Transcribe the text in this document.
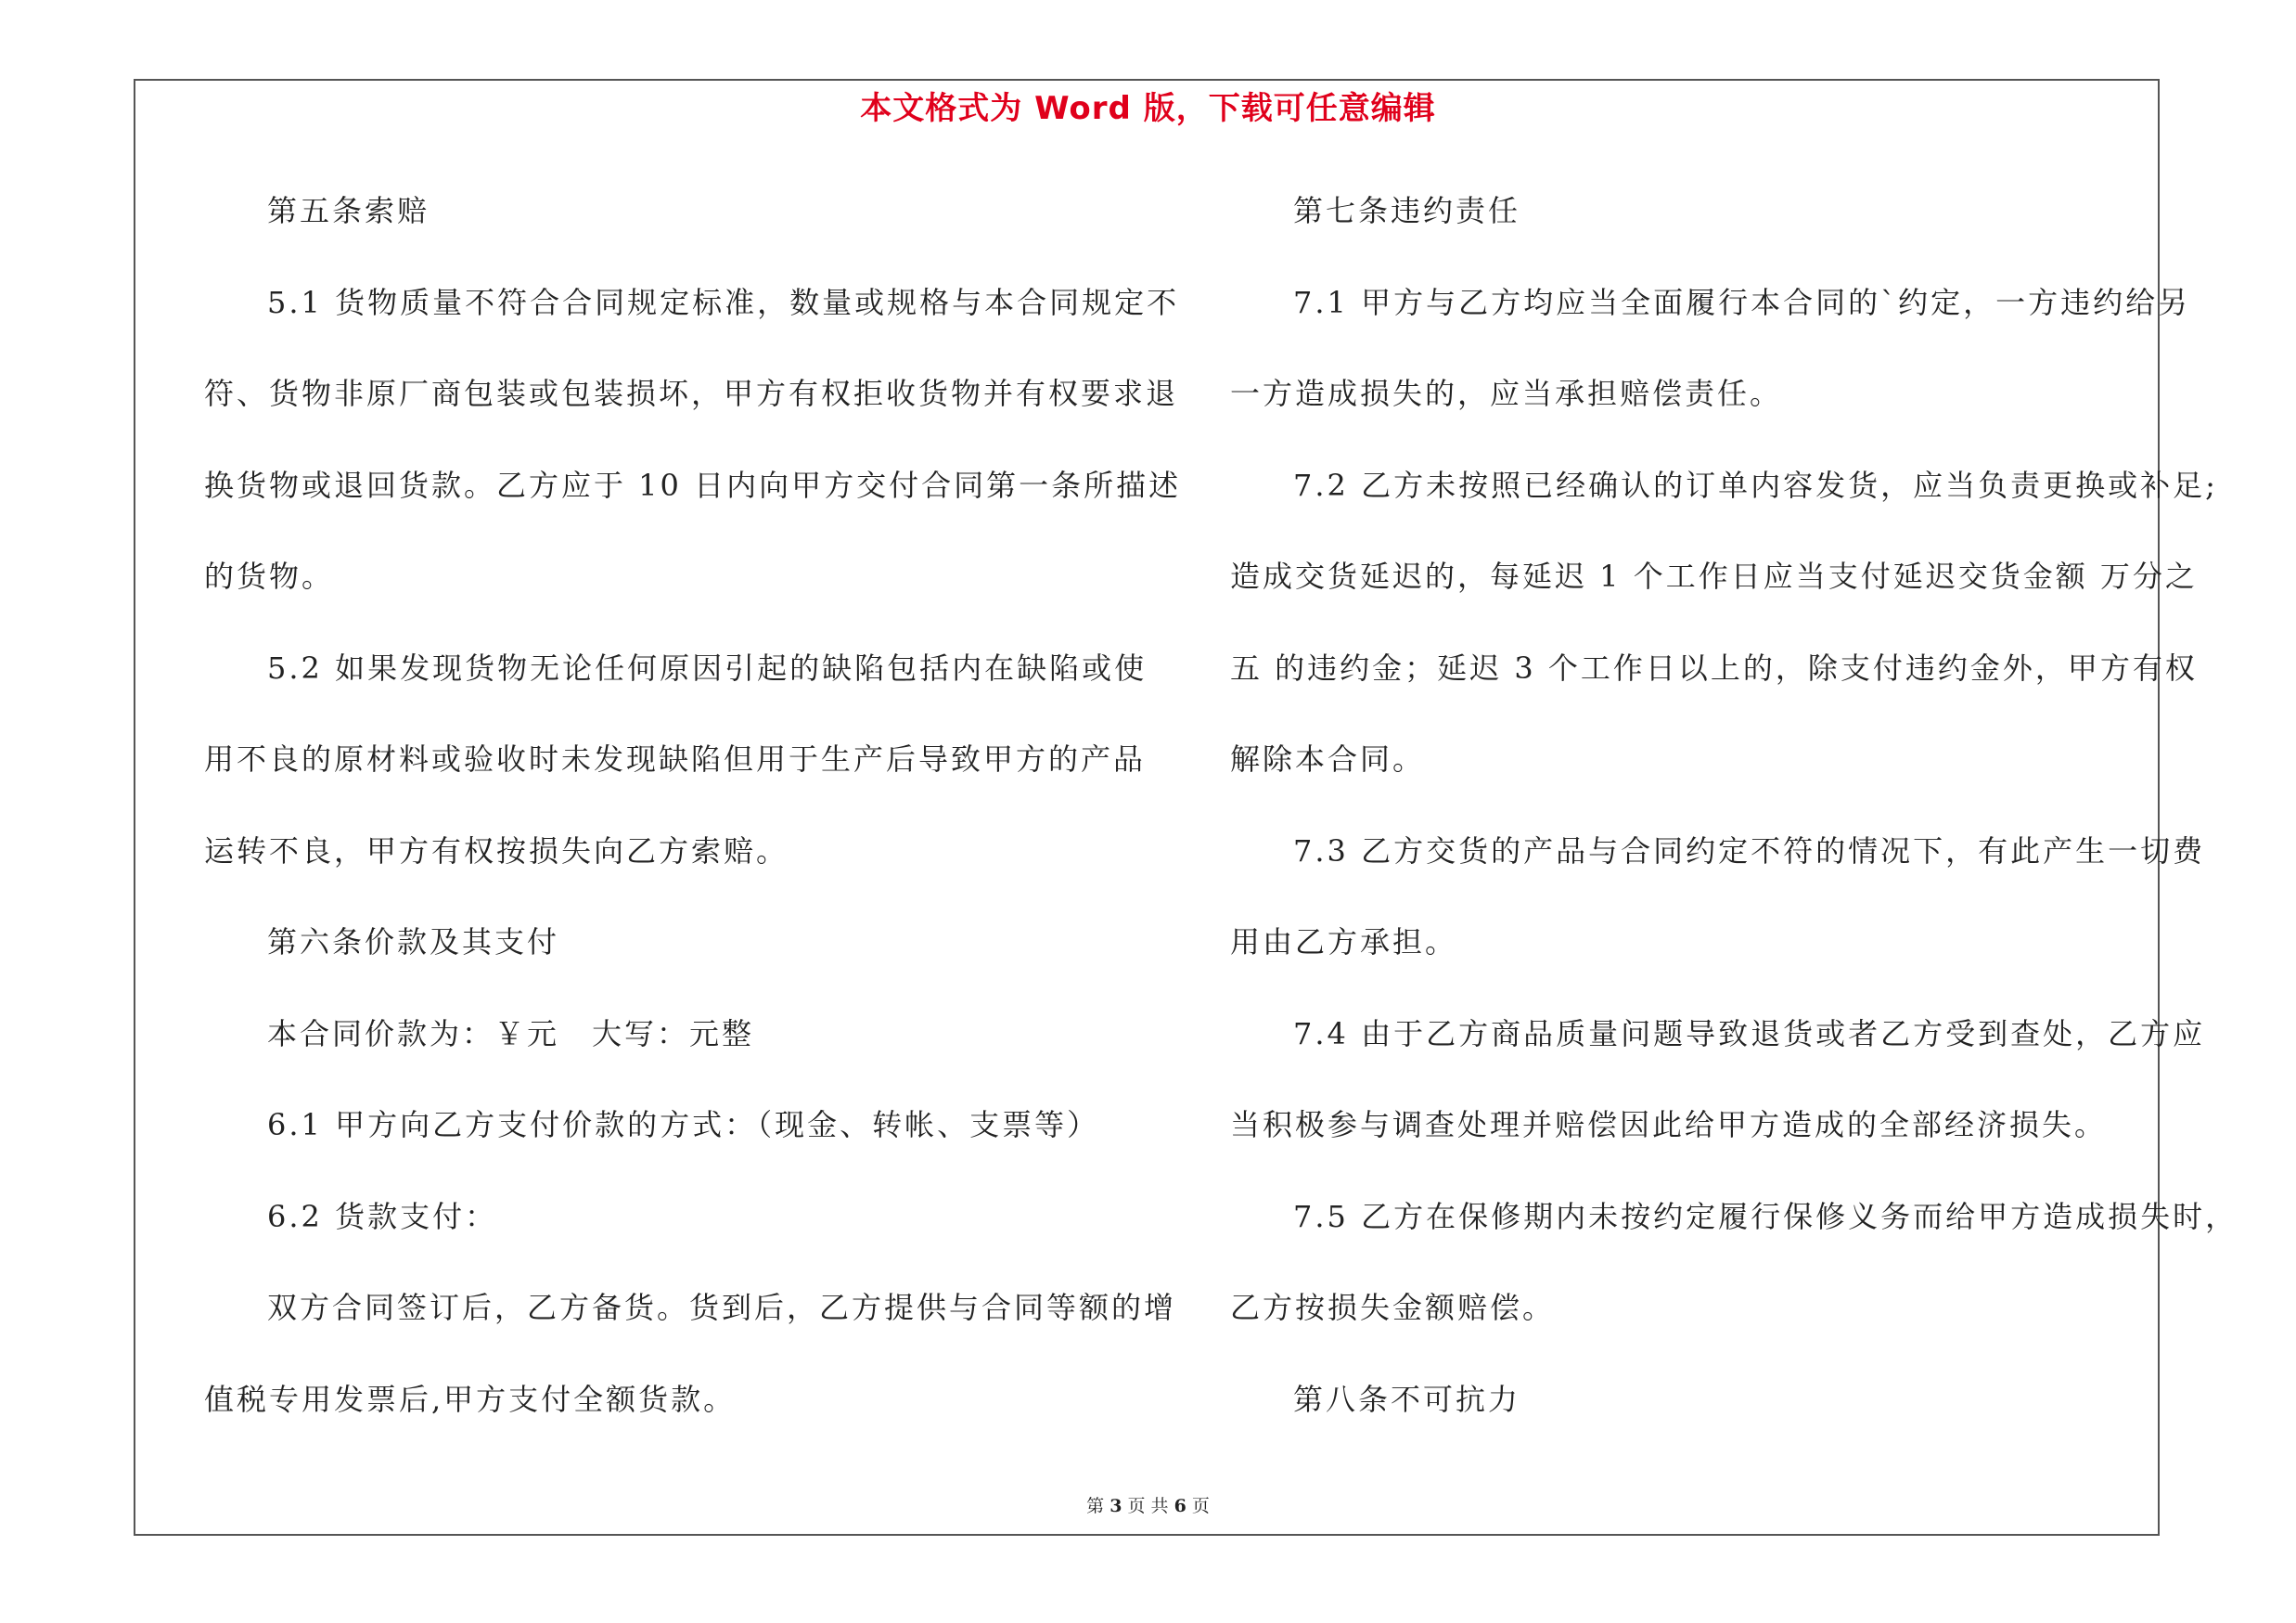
本文格式为 Word 版，下载可任意编辑
第五条索赔
5.1 货物质量不符合合同规定标准，数量或规格与本合同规定不
符、货物非原厂商包装或包装损坏，甲方有权拒收货物并有权要求退
换货物或退回货款。乙方应于 10 日内向甲方交付合同第一条所描述
的货物。
5.2 如果发现货物无论任何原因引起的缺陷包括内在缺陷或使
用不良的原材料或验收时未发现缺陷但用于生产后导致甲方的产品
运转不良，甲方有权按损失向乙方索赔。
第六条价款及其支付
本合同价款为：￥元　大写：元整
6.1 甲方向乙方支付价款的方式：（现金、转帐、支票等）
6.2 货款支付：
双方合同签订后，乙方备货。货到后，乙方提供与合同等额的增
值税专用发票后,甲方支付全额货款。
第七条违约责任
7.1 甲方与乙方均应当全面履行本合同的`约定，一方违约给另
一方造成损失的，应当承担赔偿责任。
7.2 乙方未按照已经确认的订单内容发货，应当负责更换或补足;
造成交货延迟的，每延迟 1 个工作日应当支付延迟交货金额 万分之
五 的违约金；延迟 3 个工作日以上的，除支付违约金外，甲方有权
解除本合同。
7.3 乙方交货的产品与合同约定不符的情况下，有此产生一切费
用由乙方承担。
7.4 由于乙方商品质量问题导致退货或者乙方受到查处，乙方应
当积极参与调查处理并赔偿因此给甲方造成的全部经济损失。
7.5 乙方在保修期内未按约定履行保修义务而给甲方造成损失时，
乙方按损失金额赔偿。
第八条不可抗力
第 3 页 共 6 页
